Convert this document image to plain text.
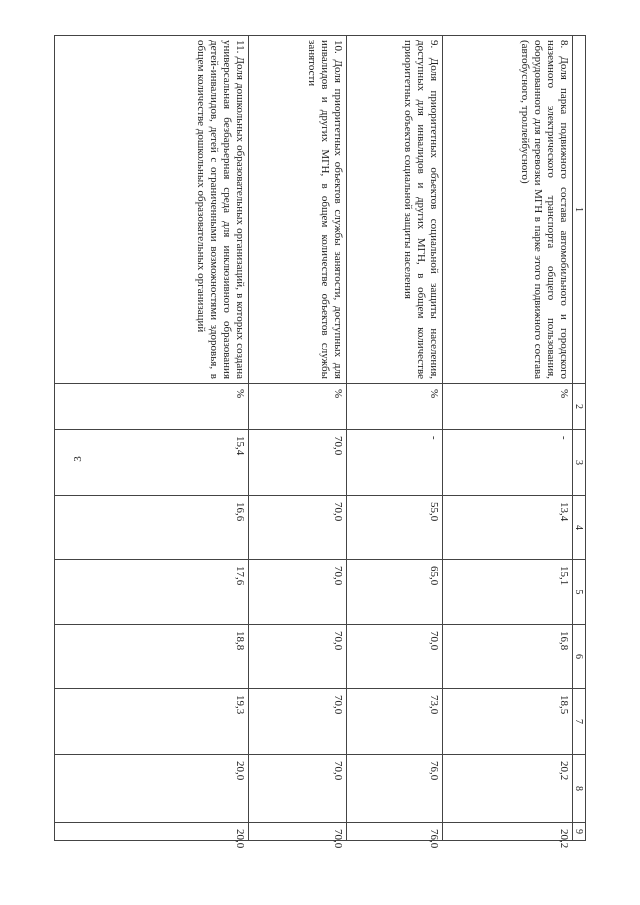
3
1	2	3	4	5	6	7	8	9
8. Доля парка подвижного состава автомобильного и городского наземного электрического транспорта общего пользования, оборудованного для перевозки МГН в парке этого подвижного состава (автобусного, троллейбусного)	%	-	13,4	15,1	16,8	18,5	20,2	20,2
9. Доля приоритетных объектов социальной защиты населения, доступных для инвалидов и других МГН, в общем количестве приоритетных объектов социальной защиты населения	%	-	55,0	65,0	70,0	73,0	76,0	76,0
10. Доля приоритетных объектов службы занятости, доступных для инвалидов и других МГН, в общем количестве объектов службы занятости	%	70,0	70,0	70,0	70,0	70,0	70,0	70,0
11. Доля дошкольных образовательных организаций, в которых создана универсальная безбарьерная среда для инклюзивного образования детей-инвалидов, детей с ограниченными возможностями здоровья, в общем количестве дошкольных образовательных организаций	%	15,4	16,6	17,6	18,8	19,3	20,0	20,0
